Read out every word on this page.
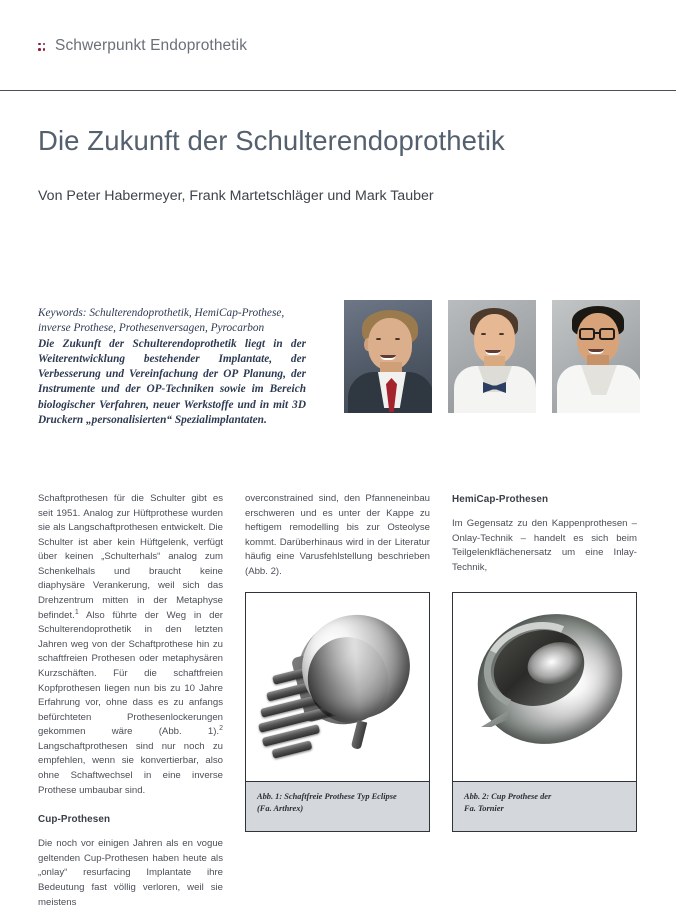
Schwerpunkt Endoprothetik
Die Zukunft der Schulterendoprothetik
Von Peter Habermeyer, Frank Martetschläger und Mark Tauber
Keywords: Schulterendoprothetik, HemiCap-Prothese, inverse Prothese, Prothesenversagen, Pyrocarbon
Die Zukunft der Schulterendoprothetik liegt in der Weiterentwicklung bestehender Implantate, der Verbesserung und Vereinfachung der OP Planung, der Instrumente und der OP-Techniken sowie im Bereich biologischer Verfahren, neuer Werkstoffe und in mit 3D Druckern „personalisierten“ Spezialimplantaten.

Schaftprothesen für die Schulter gibt es seit 1951. Analog zur Hüftprothese wurden sie als Langschaftprothesen entwickelt. Die Schulter ist aber kein Hüftgelenk, verfügt über keinen „Schulterhals“ analog zum Schenkelhals und braucht keine diaphysäre Verankerung, weil sich das Drehzentrum mitten in der Metaphyse befindet.$^1$ Also führte der Weg in der Schulterendoprothetik in den letzten Jahren weg von der Schaftprothese hin zu schaftfreien Prothesen oder metaphysären Kurzschäften. Für die schaftfreien Kopfprothesen liegen nun bis zu 10 Jahre Erfahrung vor, ohne dass es zu anfangs befürchteten Prothesenlockerungen gekommen wäre (Abb. 1).$^2$ Langschaftprothesen sind nur noch zu empfehlen, wenn sie konvertierbar, also ohne Schaftwechsel in eine inverse Prothese umbaubar sind.

Cup-Prothesen

Die noch vor einigen Jahren als en vogue geltenden Cup-Prothesen haben heute als „onlay“ resurfacing Implantate ihre Bedeutung fast völlig verloren, weil sie meistens

overconstrained sind, den Pfanneneinbau erschweren und es unter der Kappe zu heftigem remodelling bis zur Osteolyse kommt. Darüberhinaus wird in der Literatur häufig eine Varusfehlstellung beschrieben (Abb. 2).

HemiCap-Prothesen

Im Gegensatz zu den Kappenprothesen – Onlay-Technik – handelt es sich beim Teilgelenkflächenersatz um eine Inlay-Technik,

Abb. 1: Schaftfreie Prothese Typ Eclipse
(Fa. Arthrex)
Abb. 2: Cup Prothese der
Fa. Tornier
